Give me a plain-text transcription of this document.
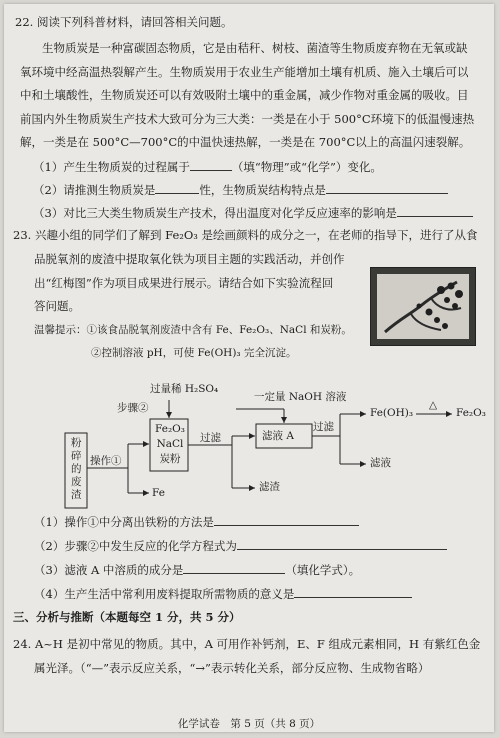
22. 阅读下列科普材料，请回答相关问题。
生物质炭是一种富碳固态物质，它是由秸秆、树枝、菌渣等生物质废弃物在无氧或缺
氧环境中经高温热裂解产生。生物质炭用于农业生产能增加土壤有机质、施入土壤后可以
中和土壤酸性，生物质炭还可以有效吸附土壤中的重金属，减少作物对重金属的吸收。目
前国内外生物质炭生产技术大致可分为三大类：一类是在小于 500°C环境下的低温慢速热
解，一类是在 500°C—700°C的中温快速热解，一类是在 700°C以上的高温闪速裂解。
（1）产生生物质炭的过程属于	（填“物理”或“化学”）变化。
（2）请推测生物质炭是	性，生物质炭结构特点是
（3）对比三大类生物质炭生产技术，得出温度对化学反应速率的影响是
23. 兴趣小组的同学们了解到 Fe₂O₃ 是绘画颜料的成分之一，在老师的指导下，进行了从食
品脱氧剂的废渣中提取氧化铁为项目主题的实践活动，并创作
出“红梅图”作为项目成果进行展示。请结合如下实验流程回
答问题。
温馨提示：①该食品脱氧剂废渣中含有 Fe、Fe₂O₃、NaCl 和炭粉。
②控制溶液 pH，可使 Fe(OH)₃ 完全沉淀。
粉
碎
的
废
渣
操作①
过量稀 H₂SO₄
步骤②
Fe₂O₃
NaCl
炭粉
Fe
过滤	滤液 A
滤渣
一定量 NaOH 溶液
过滤
Fe(OH)₃
△
Fe₂O₃
滤液
（1）操作①中分离出铁粉的方法是
（2）步骤②中发生反应的化学方程式为
（3）滤液 A 中溶质的成分是	（填化学式）。
（4）生产生活中常利用废料提取所需物质的意义是
三、分析与推断（本题每空 1 分，共 5 分）
24. A~H 是初中常见的物质。其中，A 可用作补钙剂，E、F 组成元素相同，H 有紫红色金
属光泽。（“—”表示反应关系，“→”表示转化关系，部分反应物、生成物省略）
化学试卷　第 5 页（共 8 页）
